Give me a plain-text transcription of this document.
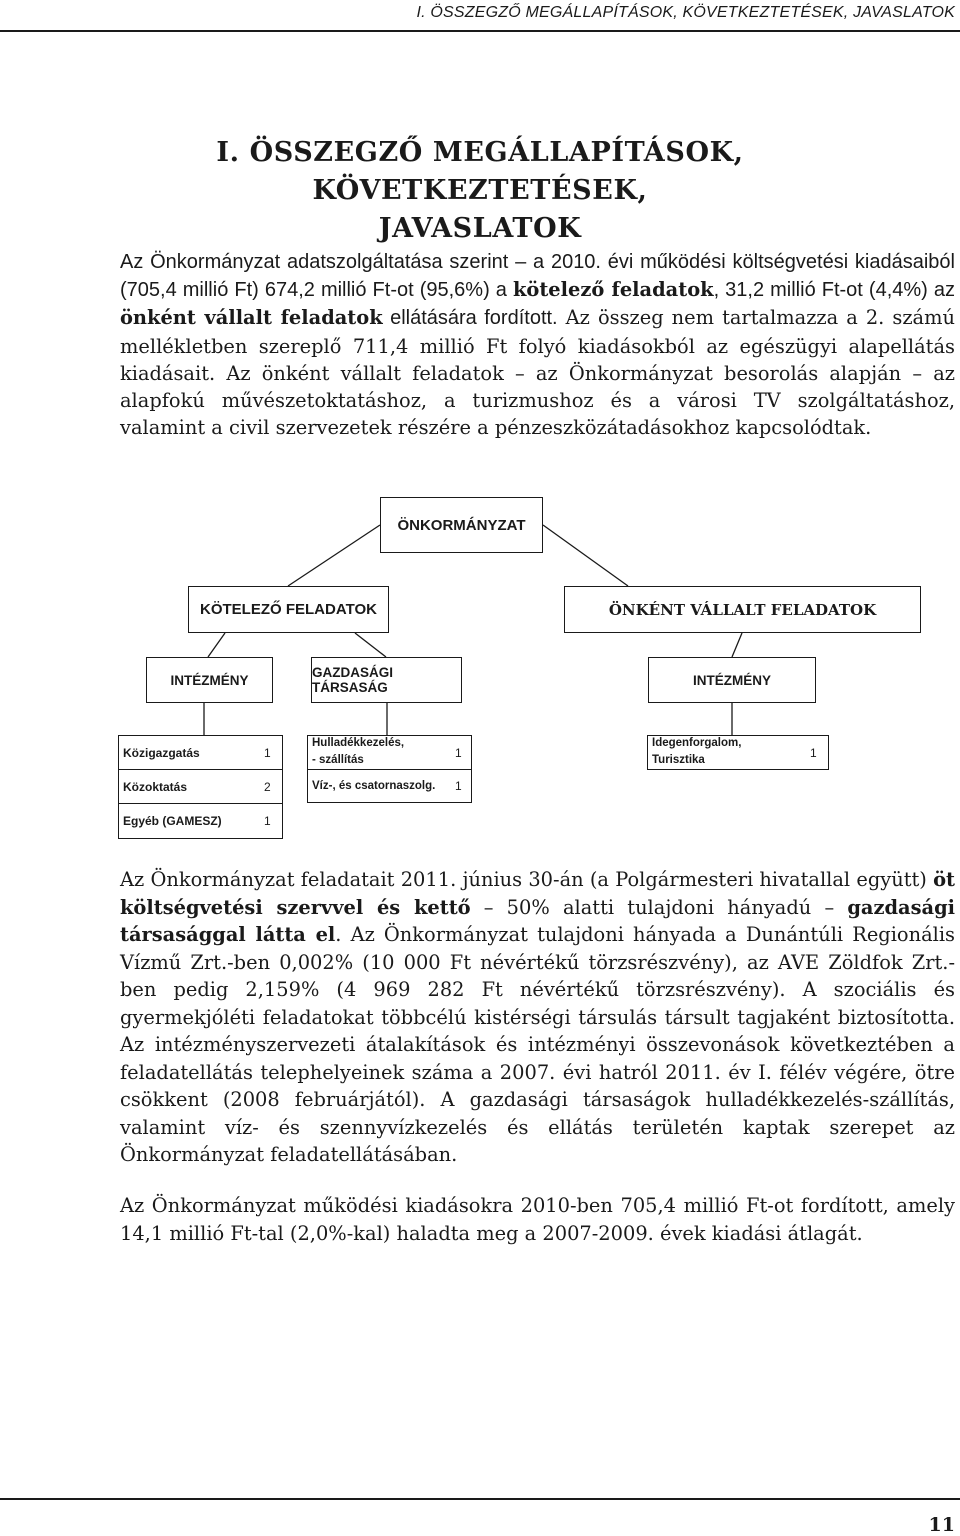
I. ÖSSZEGZŐ MEGÁLLAPÍTÁSOK, KÖVETKEZTETÉSEK, JAVASLATOK
I. ÖSSZEGZŐ MEGÁLLAPÍTÁSOK, KÖVETKEZTETÉSEK,
JAVASLATOK

Az Önkormányzat adatszolgáltatása szerint – a 2010. évi működési költségvetési kiadásaiból (705,4 millió Ft) 674,2 millió Ft-ot (95,6%) a kötelező feladatok, 31,2 millió Ft-ot (4,4%) az önként vállalt feladatok ellátására fordított. Az összeg nem tartalmazza a 2. számú mellékletben szereplő 711,4 millió Ft folyó kiadásokból az egészügyi alapellátás kiadásait. Az önként vállalt feladatok – az Önkormányzat besorolás alapján – az alapfokú művészetoktatáshoz, a turizmushoz és a városi TV szolgáltatáshoz, valamint a civil szervezetek részére a pénzeszközátadásokhoz kapcsolódtak.

ÖNKORMÁNYZAT
KÖTELEZŐ FELADATOK	ÖNKÉNT VÁLLALT FELADATOK
INTÉZMÉNY	GAZDASÁGI TÁRSASÁG	INTÉZMÉNY
Közigazgatás	1
Közoktatás	2
Egyéb (GAMESZ)	1
Hulladékkezelés,
- szállítás
1
Víz-, és csatornaszolg. 1
Idegenforgalom,
Turisztika
1

Az Önkormányzat feladatait 2011. június 30-án (a Polgármesteri hivatallal együtt) öt költségvetési szervvel és kettő – 50% alatti tulajdoni hányadú – gazdasági társasággal látta el. Az Önkormányzat tulajdoni hányada a Dunántúli Regionális Vízmű Zrt.-ben 0,002% (10 000 Ft névértékű törzsrészvény), az AVE Zöldfok Zrt.-ben pedig 2,159% (4 969 282 Ft névértékű törzsrészvény). A szociális és gyermekjóléti feladatokat többcélú kistérségi társulás társult tagjaként biztosította. Az intézményszervezeti átalakítások és intézményi összevonások következtében a feladatellátás telephelyeinek száma a 2007. évi hatról 2011. év I. félév végére, ötre csökkent (2008 februárjától). A gazdasági társaságok hulladékkezelés-szállítás, valamint víz- és szennyvízkezelés és ellátás területén kaptak szerepet az Önkormányzat feladatellátásában.

Az Önkormányzat működési kiadásokra 2010-ben 705,4 millió Ft-ot fordított, amely 14,1 millió Ft-tal (2,0%-kal) haladta meg a 2007-2009. évek kiadási átlagát.

11
